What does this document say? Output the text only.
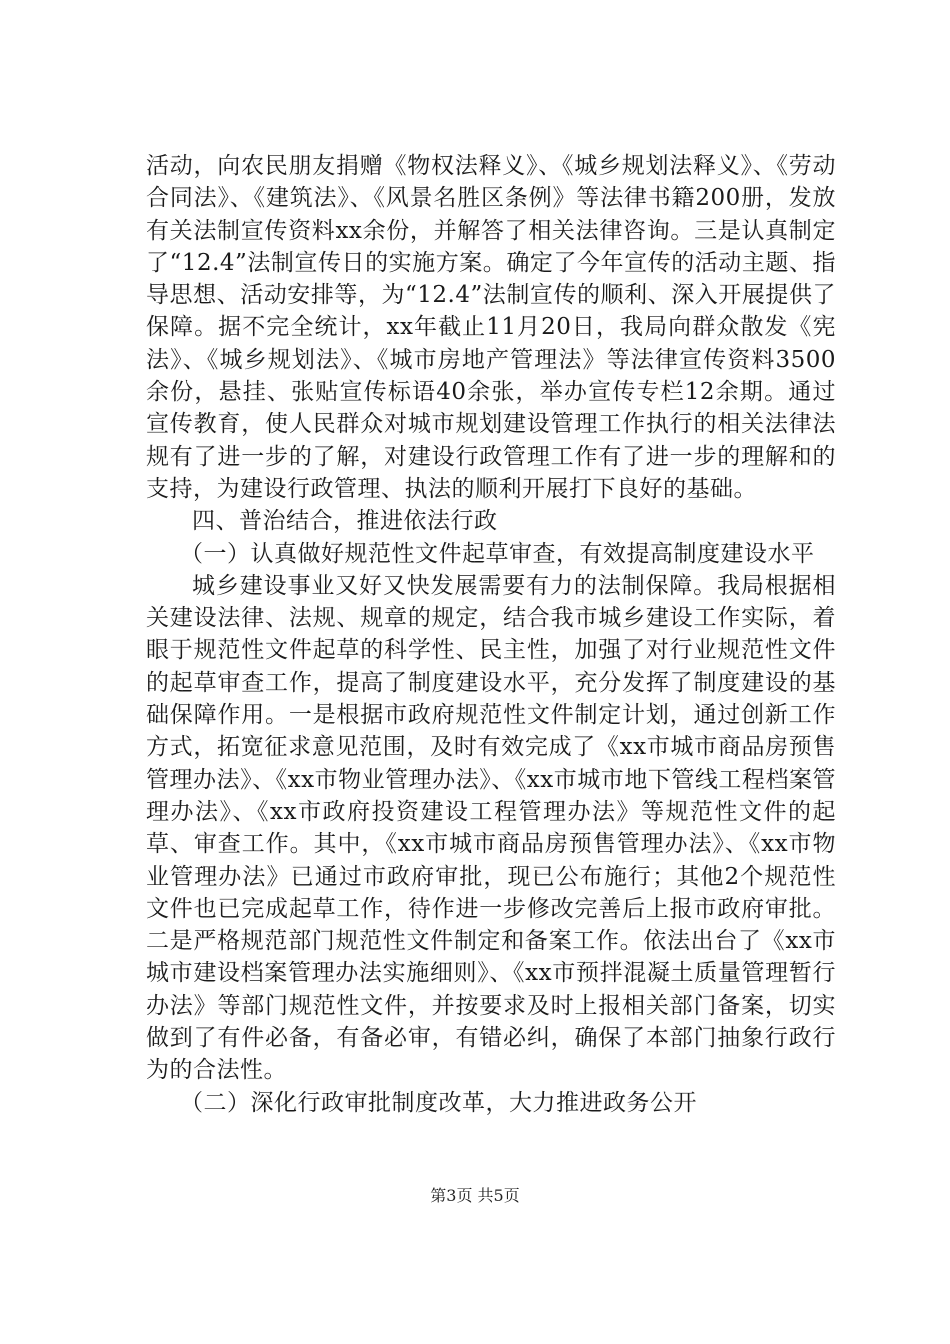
活动，向农民朋友捐赠《物权法释义》、《城乡规划法释义》、《劳动合同法》、《建筑法》、《风景名胜区条例》等法律书籍200册，发放有关法制宣传资料xx余份，并解答了相关法律咨询。三是认真制定了“12.4”法制宣传日的实施方案。确定了今年宣传的活动主题、指导思想、活动安排等，为“12.4”法制宣传的顺利、深入开展提供了保障。据不完全统计，xx年截止11月20日，我局向群众散发《宪法》、《城乡规划法》、《城市房地产管理法》等法律宣传资料3500余份，悬挂、张贴宣传标语40余张，举办宣传专栏12余期。通过宣传教育，使人民群众对城市规划建设管理工作执行的相关法律法规有了进一步的了解，对建设行政管理工作有了进一步的理解和的支持，为建设行政管理、执法的顺利开展打下良好的基础。

四、普治结合，推进依法行政

（一）认真做好规范性文件起草审查，有效提高制度建设水平

城乡建设事业又好又快发展需要有力的法制保障。我局根据相关建设法律、法规、规章的规定，结合我市城乡建设工作实际，着眼于规范性文件起草的科学性、民主性，加强了对行业规范性文件的起草审查工作，提高了制度建设水平，充分发挥了制度建设的基础保障作用。一是根据市政府规范性文件制定计划，通过创新工作方式，拓宽征求意见范围，及时有效完成了《xx市城市商品房预售管理办法》、《xx市物业管理办法》、《xx市城市地下管线工程档案管理办法》、《xx市政府投资建设工程管理办法》等规范性文件的起草、审查工作。其中，《xx市城市商品房预售管理办法》、《xx市物业管理办法》已通过市政府审批，现已公布施行；其他2个规范性文件也已完成起草工作，待作进一步修改完善后上报市政府审批。二是严格规范部门规范性文件制定和备案工作。依法出台了《xx市城市建设档案管理办法实施细则》、《xx市预拌混凝土质量管理暂行办法》等部门规范性文件，并按要求及时上报相关部门备案，切实做到了有件必备，有备必审，有错必纠，确保了本部门抽象行政行为的合法性。

（二）深化行政审批制度改革，大力推进政务公开

第3页 共5页
